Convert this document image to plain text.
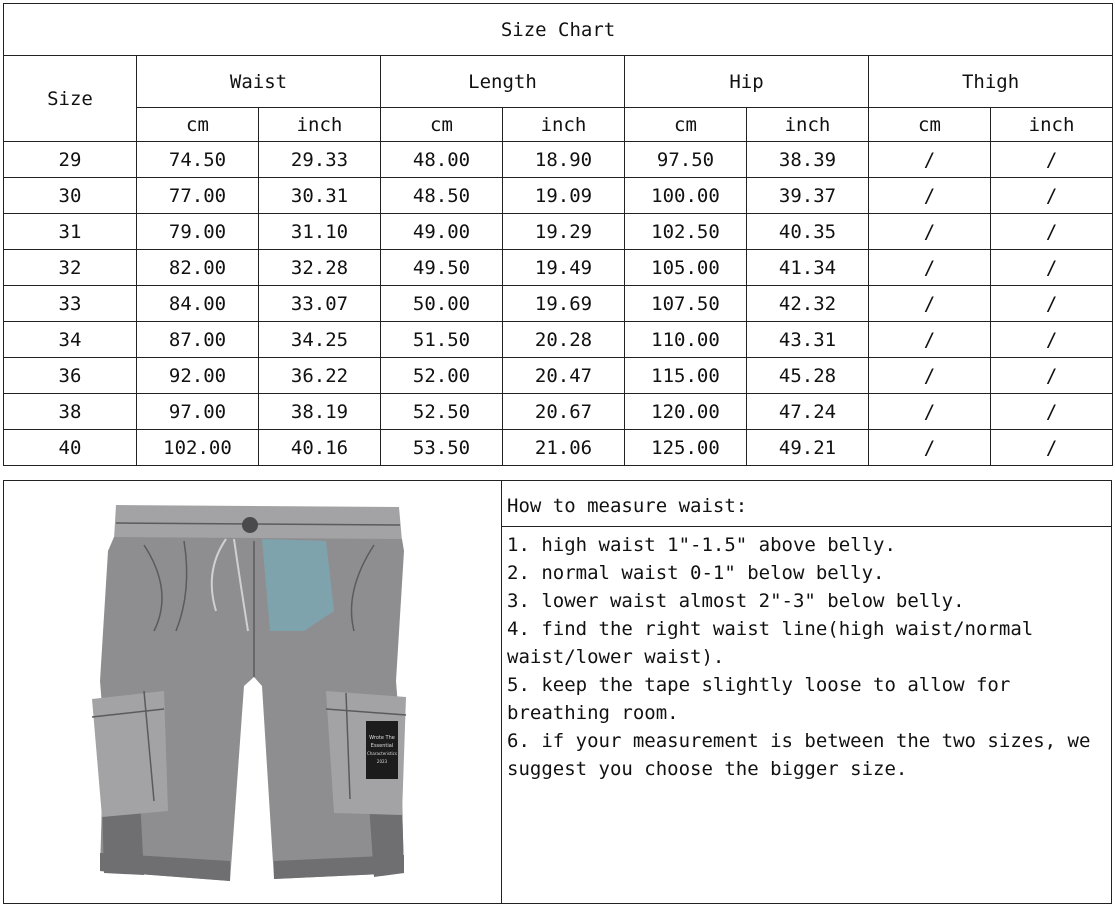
Size Chart								
Size	Waist		Length		Hip		Thigh	
	cm	inch	cm	inch	cm	inch	cm	inch
29	74.50	29.33	48.00	18.90	97.50	38.39	/	/
30	77.00	30.31	48.50	19.09	100.00	39.37	/	/
31	79.00	31.10	49.00	19.29	102.50	40.35	/	/
32	82.00	32.28	49.50	19.49	105.00	41.34	/	/
33	84.00	33.07	50.00	19.69	107.50	42.32	/	/
34	87.00	34.25	51.50	20.28	110.00	43.31	/	/
36	92.00	36.22	52.00	20.47	115.00	45.28	/	/
38	97.00	38.19	52.50	20.67	120.00	47.24	/	/
40	102.00	40.16	53.50	21.06	125.00	49.21	/	/
Wrote The
Essential
Characteristics
2023
How to measure waist:
1. high waist 1"-1.5" above belly.
2. normal waist 0-1" below belly.
3. lower waist almost 2"-3" below belly.
4. find the right waist line(high waist/normal waist/lower waist).
5. keep the tape slightly loose to allow for breathing room.
6. if your measurement is between the two sizes, we suggest you choose the bigger size.
